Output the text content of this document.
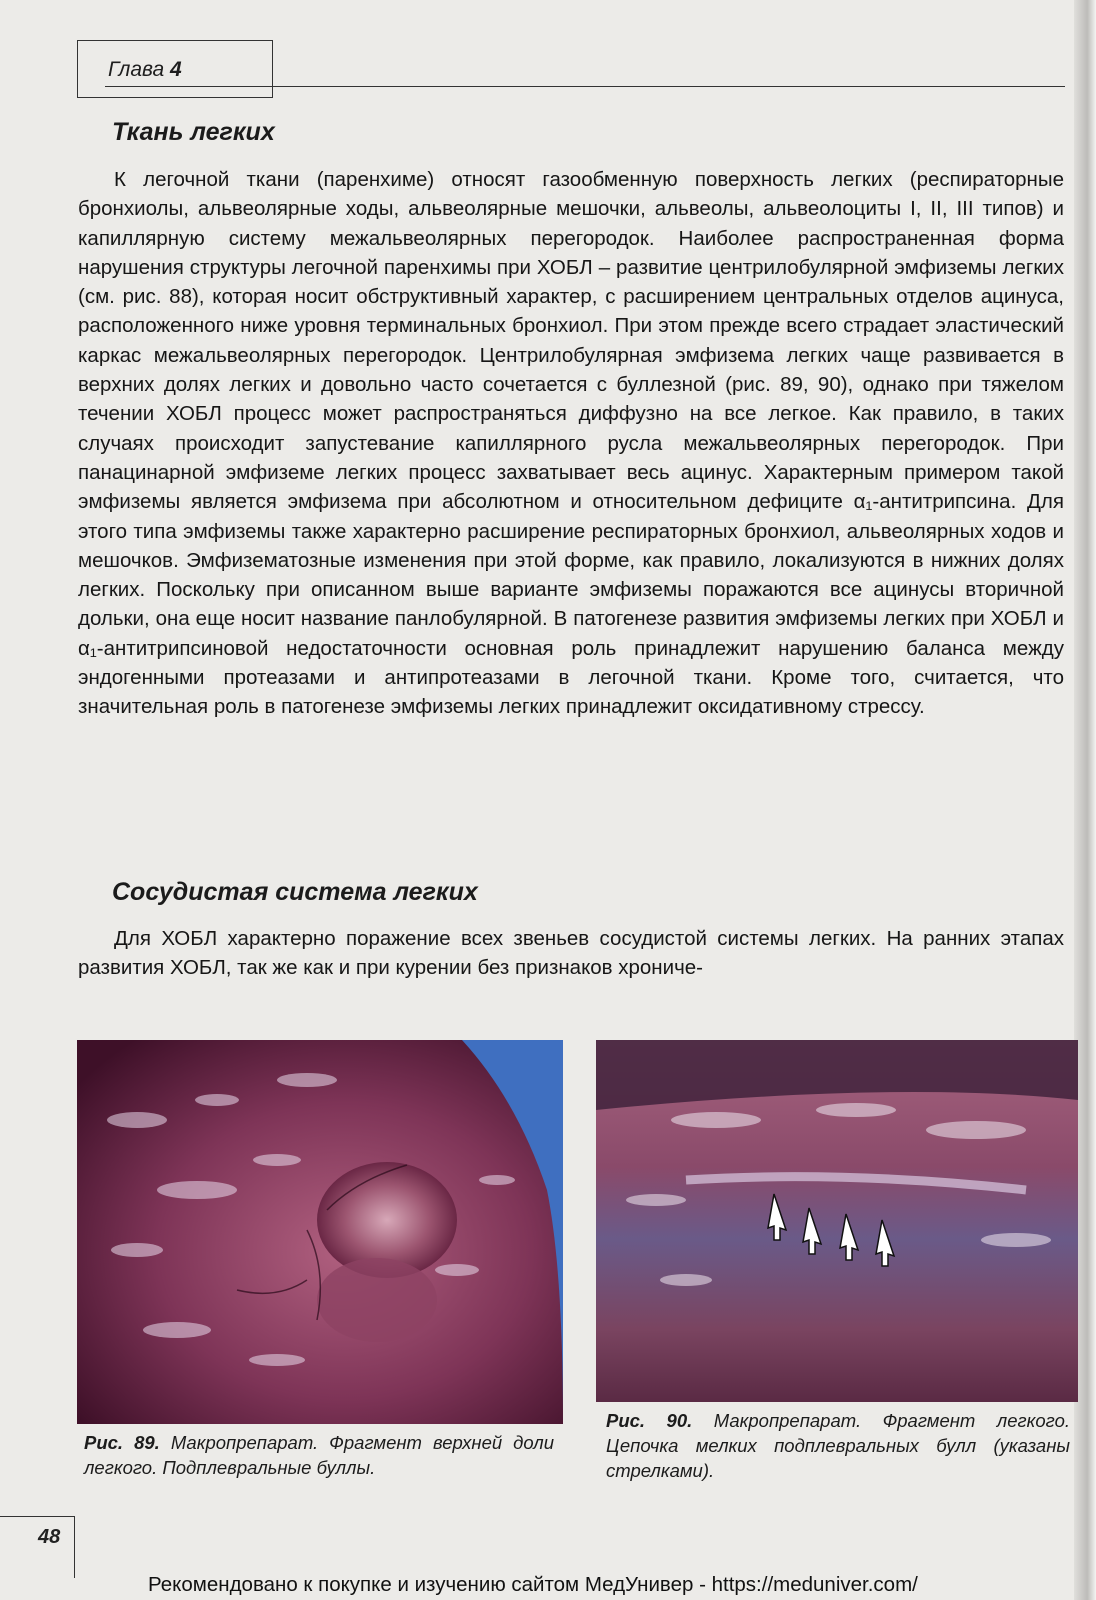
Глава 4
Ткань легких

К легочной ткани (паренхиме) относят газообменную поверхность легких (респираторные бронхиолы, альвеолярные ходы, альвеолярные мешочки, альвеолы, альвеолоциты I, II, III типов) и капиллярную систему межальвеолярных перегородок. Наиболее распространенная форма нарушения структуры легочной паренхимы при ХОБЛ – развитие центрилобулярной эмфиземы легких (см. рис. 88), которая носит обструктивный характер, с расширением центральных отделов ацинуса, расположенного ниже уровня терминальных бронхиол. При этом прежде всего страдает эластический каркас межальвеолярных перегородок. Центрилобулярная эмфизема легких чаще развивается в верхних долях легких и довольно часто сочетается с буллезной (рис. 89, 90), однако при тяжелом течении ХОБЛ процесс может распространяться диффузно на все легкое. Как правило, в таких случаях происходит запустевание капиллярного русла межальвеолярных перегородок. При панацинарной эмфиземе легких процесс захватывает весь ацинус. Характерным примером такой эмфиземы является эмфизема при абсолютном и относительном дефиците α₁-антитрипсина. Для этого типа эмфиземы также характерно расширение респираторных бронхиол, альвеолярных ходов и мешочков. Эмфизематозные изменения при этой форме, как правило, локализуются в нижних долях легких. Поскольку при описанном выше варианте эмфиземы поражаются все ацинусы вторичной дольки, она еще носит название панлобулярной. В патогенезе развития эмфиземы легких при ХОБЛ и α₁-антитрипсиновой недостаточности основная роль принадлежит нарушению баланса между эндогенными протеазами и антипротеазами в легочной ткани. Кроме того, считается, что значительная роль в патогенезе эмфиземы легких принадлежит оксидативному стрессу.

Сосудистая система легких

Для ХОБЛ характерно поражение всех звеньев сосудистой системы легких. На ранних этапах развития ХОБЛ, так же как и при курении без признаков хрониче-

Рис. 89. Макропрепарат. Фрагмент верхней доли легкого. Подплевральные буллы.

Рис. 90. Макропрепарат. Фрагмент легкого. Цепочка мелких подплевральных булл (указаны стрелками).

48
Рекомендовано к покупке и изучению сайтом МедУнивер - https://meduniver.com/
